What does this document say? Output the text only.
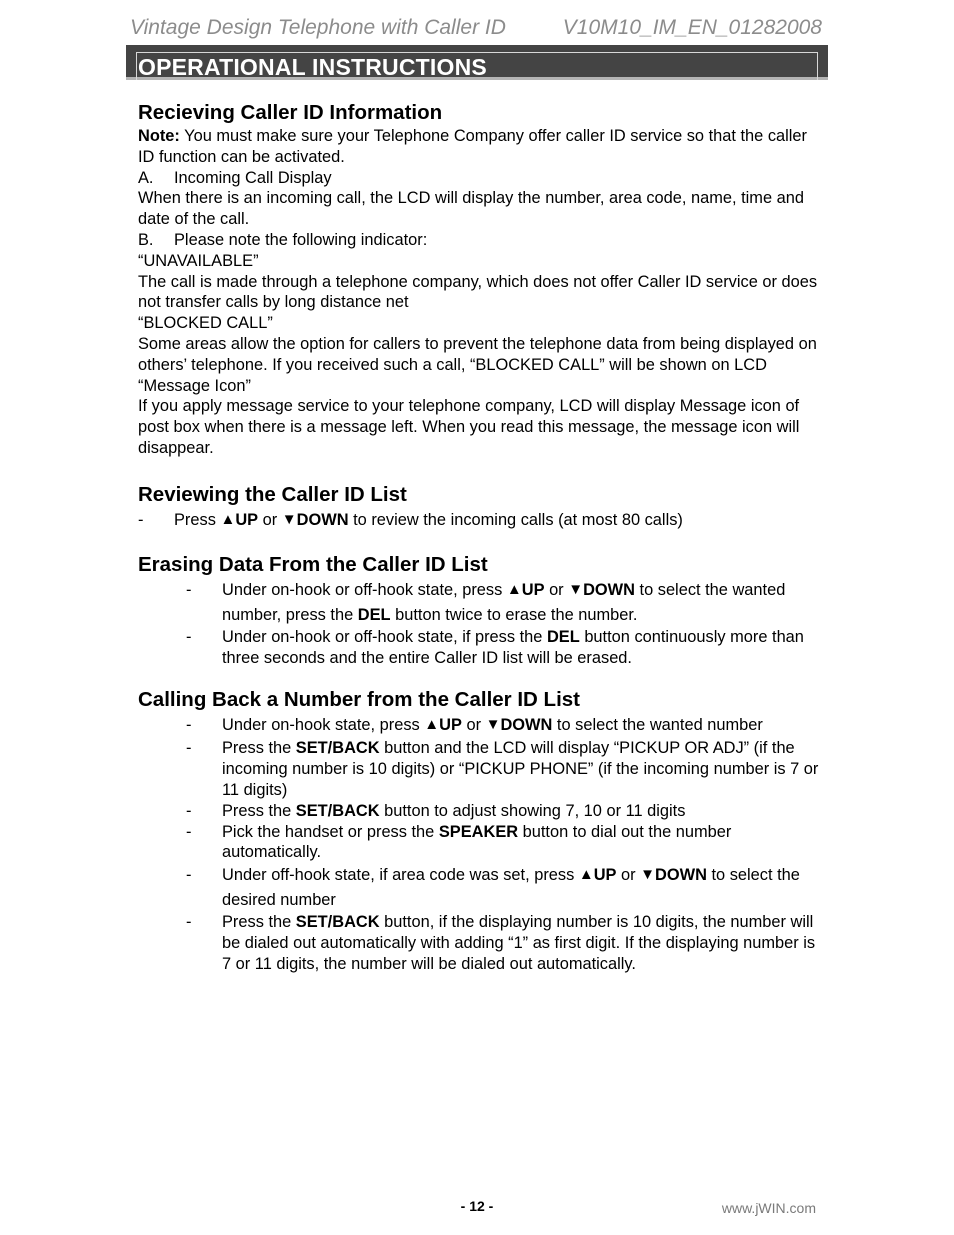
Vintage Design Telephone with Caller ID	V10M10_IM_EN_01282008
OPERATIONAL INSTRUCTIONS
Recieving Caller ID Information

Note: You must make sure your Telephone Company offer caller ID service so that the caller ID function can be activated.

A.	Incoming Call Display

When there is an incoming call, the LCD will display the number, area code, name, time and date of the call.

B.	Please note the following indicator:

“UNAVAILABLE”

The call is made through a telephone company, which does not offer Caller ID service or does not transfer calls by long distance net

“BLOCKED CALL”

Some areas allow the option for callers to prevent the telephone data from being displayed on others’ telephone. If you received such a call, “BLOCKED CALL” will be shown on LCD

“Message Icon”

If you apply message service to your telephone company, LCD will display Message icon of post box when there is a message left. When you read this message, the message icon will disappear.

Reviewing the Caller ID List
-	Press ▲UP or ▼DOWN to review the incoming calls (at most 80 calls)
Erasing Data From the Caller ID List
-	Under on-hook or off-hook state, press ▲UP or ▼DOWN to select the wanted number, press the DEL button twice to erase the number.
-	Under on-hook or off-hook state, if press the DEL button continuously more than three seconds and the entire Caller ID list will be erased.
Calling Back a Number from the Caller ID List
-	Under on-hook state, press ▲UP or ▼DOWN to select the wanted number
-	Press the SET/BACK button and the LCD will display “PICKUP OR ADJ” (if the incoming number is 10 digits) or “PICKUP PHONE” (if the incoming number is 7 or 11 digits)
-	Press the SET/BACK button to adjust showing 7, 10 or 11 digits
-	Pick the handset or press the SPEAKER button to dial out the number automatically.
-	Under off-hook state, if area code was set, press ▲UP or ▼DOWN to select the desired number
-	Press the SET/BACK button, if the displaying number is 10 digits, the number will be dialed out automatically with adding “1” as first digit. If the displaying number is 7 or 11 digits, the number will be dialed out automatically.
- 12 -	www.jWIN.com
